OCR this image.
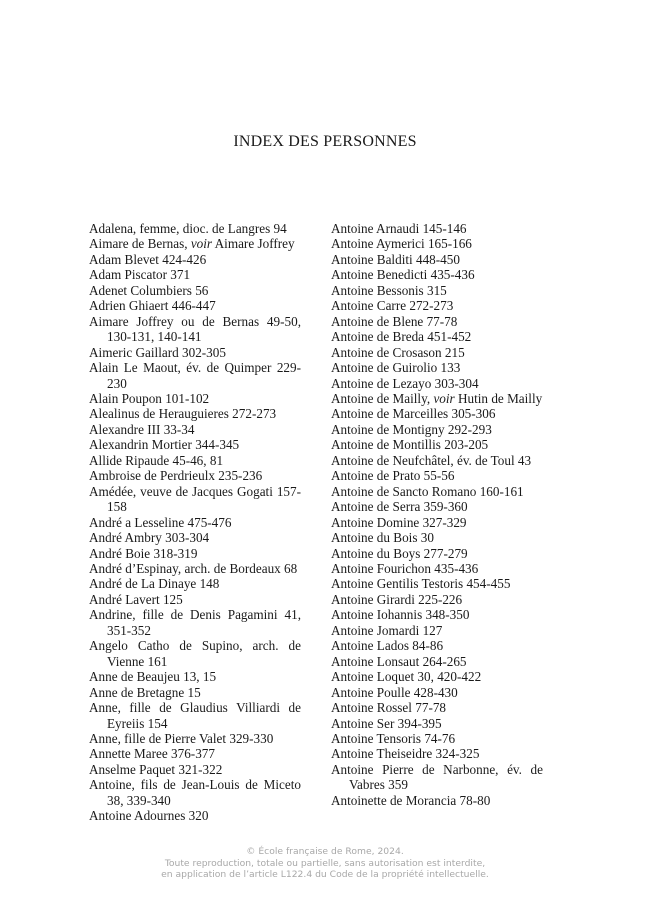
INDEX DES PERSONNES
Adalena, femme, dioc. de Langres 94
Aimare de Bernas, voir Aimare Joffrey
Adam Blevet 424-426
Adam Piscator 371
Adenet Columbiers 56
Adrien Ghiaert 446-447
Aimare Joffrey ou de Bernas 49-50, 130-131, 140-141
Aimeric Gaillard 302-305
Alain Le Maout, év. de Quimper 229-230
Alain Poupon 101-102
Alealinus de Herauguieres 272-273
Alexandre III 33-34
Alexandrin Mortier 344-345
Allide Ripaude 45-46, 81
Ambroise de Perdrieulx 235-236
Amédée, veuve de Jacques Gogati 157-158
André a Lesseline 475-476
André Ambry 303-304
André Boie 318-319
André d’Espinay, arch. de Bordeaux 68
André de La Dinaye 148
André Lavert 125
Andrine, fille de Denis Pagamini 41, 351-352
Angelo Catho de Supino, arch. de Vienne 161
Anne de Beaujeu 13, 15
Anne de Bretagne 15
Anne, fille de Glaudius Villiardi de Eyreiis 154
Anne, fille de Pierre Valet 329-330
Annette Maree 376-377
Anselme Paquet 321-322
Antoine, fils de Jean-Louis de Miceto 38, 339-340
Antoine Adournes 320
Antoine Arnaudi 145-146
Antoine Aymerici 165-166
Antoine Balditi 448-450
Antoine Benedicti 435-436
Antoine Bessonis 315
Antoine Carre 272-273
Antoine de Blene 77-78
Antoine de Breda 451-452
Antoine de Crosason 215
Antoine de Guirolio 133
Antoine de Lezayo 303-304
Antoine de Mailly, voir Hutin de Mailly
Antoine de Marceilles 305-306
Antoine de Montigny 292-293
Antoine de Montillis 203-205
Antoine de Neufchâtel, év. de Toul 43
Antoine de Prato 55-56
Antoine de Sancto Romano 160-161
Antoine de Serra 359-360
Antoine Domine 327-329
Antoine du Bois 30
Antoine du Boys 277-279
Antoine Fourichon 435-436
Antoine Gentilis Testoris 454-455
Antoine Girardi 225-226
Antoine Iohannis 348-350
Antoine Jomardi 127
Antoine Lados 84-86
Antoine Lonsaut 264-265
Antoine Loquet 30, 420-422
Antoine Poulle 428-430
Antoine Rossel 77-78
Antoine Ser 394-395
Antoine Tensoris 74-76
Antoine Theiseidre 324-325
Antoine Pierre de Narbonne, év. de Vabres 359
Antoinette de Morancia 78-80
© École française de Rome, 2024.
Toute reproduction, totale ou partielle, sans autorisation est interdite,
en application de l’article L122.4 du Code de la propriété intellectuelle.
